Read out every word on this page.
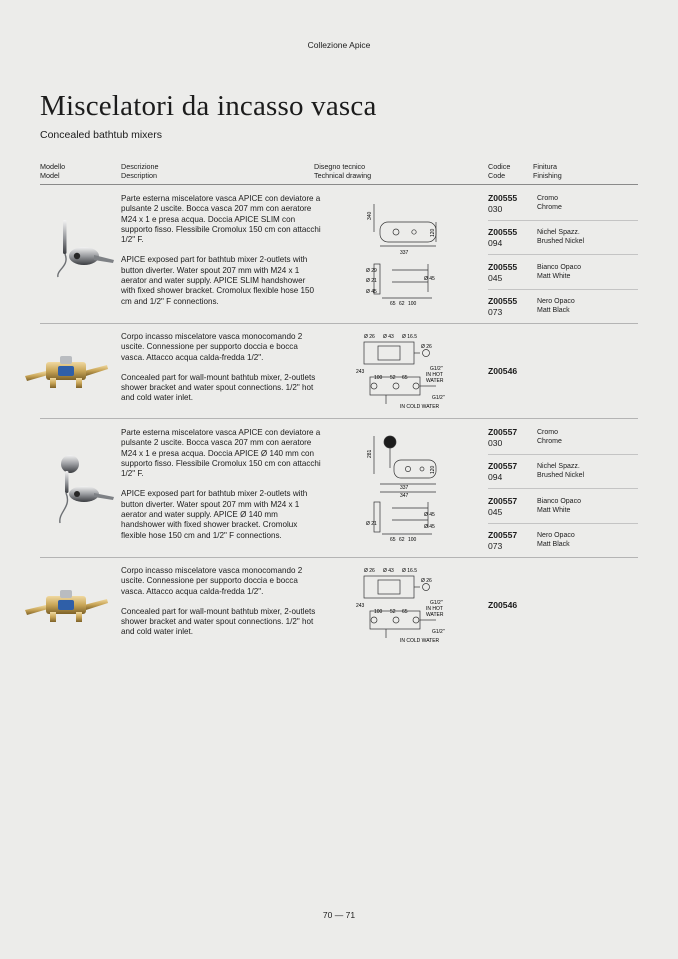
Collezione Apice
Miscelatori da incasso vasca
Concealed bathtub mixers
Modello
Model
Descrizione
Description
Disegno tecnico
Technical drawing
Codice
Code
Finitura
Finishing

Parte esterna miscelatore vasca APICE con deviatore a pulsante 2 uscite. Bocca vasca 207 mm con aeratore M24 x 1 e presa acqua. Doccia APICE SLIM con supporto fisso. Flessibile Cromolux 150 cm con attacchi 1/2" F.

APICE exposed part for bathtub mixer 2-outlets with button diverter. Water spout 207 mm with M24 x 1 aerator and water supply. APICE SLIM handshower with fixed shower bracket. Cromolux flexible hose 150 cm and 1/2" F connections.

340
120
337
Ø 29
Ø 21
Ø 45
Ø 45
65 62 100
Z00555
030
Cromo
Chrome
Z00555
094
Nichel Spazz.
Brushed Nickel
Z00555
045
Bianco Opaco
Matt White
Z00555
073
Nero Opaco
Matt Black

Corpo incasso miscelatore vasca monocomando 2 uscite. Connessione per supporto doccia e bocca vasca. Attacco acqua calda-fredda 1/2".

Concealed part for wall-mount bathtub mixer, 2-outlets shower bracket and water spout connections. 1/2" hot and cold water inlet.

Ø 26 Ø 43 Ø 16.5
Ø 26
243
100 52 65
G1/2"
IN HOT
WATER
G1/2"
IN COLD WATER
Z00546

Parte esterna miscelatore vasca APICE con deviatore a pulsante 2 uscite. Bocca vasca 207 mm con aeratore M24 x 1 e presa acqua. Doccia APICE Ø 140 mm con supporto fisso. Flessibile Cromolux 150 cm con attacchi 1/2" F.

APICE exposed part for bathtub mixer 2-outlets with button diverter. Water spout 207 mm with M24 x 1 aerator and water supply. APICE Ø 140 mm handshower with fixed shower bracket. Cromolux flexible hose 150 cm and 1/2" F connections.

281
120
337
347
Ø 45
Ø 21	Ø 45
65 62 100
Z00557
030
Cromo
Chrome
Z00557
094
Nichel Spazz.
Brushed Nickel
Z00557
045
Bianco Opaco
Matt White
Z00557
073
Nero Opaco
Matt Black

Corpo incasso miscelatore vasca monocomando 2 uscite. Connessione per supporto doccia e bocca vasca. Attacco acqua calda-fredda 1/2".

Concealed part for wall-mount bathtub mixer, 2-outlets shower bracket and water spout connections. 1/2" hot and cold water inlet.

Ø 26 Ø 43 Ø 16.5
Ø 26
243
100 52 65
G1/2"
IN HOT
WATER
G1/2"
IN COLD WATER
Z00546
70 — 71
